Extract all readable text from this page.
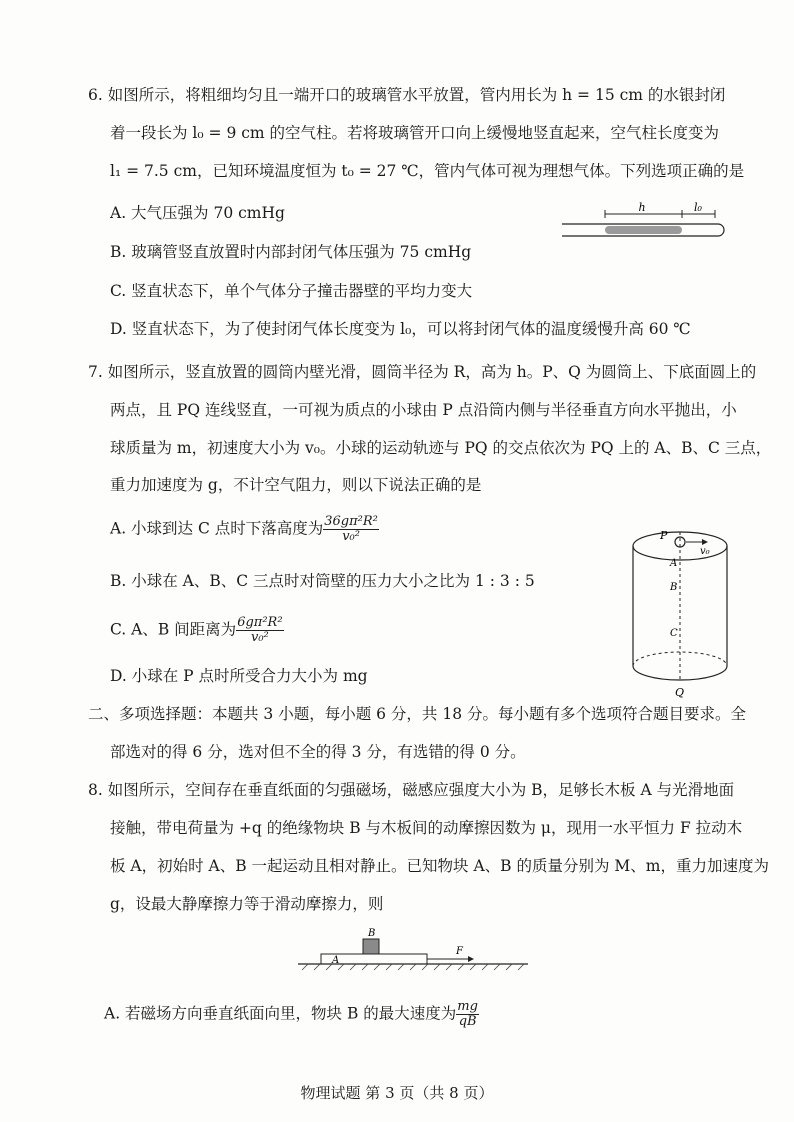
6. 如图所示，将粗细均匀且一端开口的玻璃管水平放置，管内用长为 h = 15 cm 的水银封闭
着一段长为 l₀ = 9 cm 的空气柱。若将玻璃管开口向上缓慢地竖直起来，空气柱长度变为
l₁ = 7.5 cm，已知环境温度恒为 t₀ = 27 ℃，管内气体可视为理想气体。下列选项正确的是
A. 大气压强为 70 cmHg
B. 玻璃管竖直放置时内部封闭气体压强为 75 cmHg
C. 竖直状态下，单个气体分子撞击器壁的平均力变大
D. 竖直状态下，为了使封闭气体长度变为 l₀，可以将封闭气体的温度缓慢升高 60 ℃
h	l₀
7. 如图所示，竖直放置的圆筒内壁光滑，圆筒半径为 R，高为 h。P、Q 为圆筒上、下底面圆上的
两点，且 PQ 连线竖直，一可视为质点的小球由 P 点沿筒内侧与半径垂直方向水平抛出，小
球质量为 m，初速度大小为 v₀。小球的运动轨迹与 PQ 的交点依次为 PQ 上的 A、B、C 三点，
重力加速度为 g，不计空气阻力，则以下说法正确的是
A. 小球到达 C 点时下落高度为 $\frac{\text{36gπ²R²}}{\text{v₀²}}$
B. 小球在 A、B、C 三点时对筒壁的压力大小之比为 1 : 3 : 5
C. A、B 间距离为 $\frac{\text{6gπ²R²}}{\text{v₀²}}$
D. 小球在 P 点时所受合力大小为 mg
P
v₀
A
B
C
Q
二、多项选择题：本题共 3 小题，每小题 6 分，共 18 分。每小题有多个选项符合题目要求。全
部选对的得 6 分，选对但不全的得 3 分，有选错的得 0 分。
8. 如图所示，空间存在垂直纸面的匀强磁场，磁感应强度大小为 B，足够长木板 A 与光滑地面
接触，带电荷量为 +q 的绝缘物块 B 与木板间的动摩擦因数为 μ，现用一水平恒力 F 拉动木
板 A，初始时 A、B 一起运动且相对静止。已知物块 A、B 的质量分别为 M、m，重力加速度为
g，设最大静摩擦力等于滑动摩擦力，则
B
A
F
A. 若磁场方向垂直纸面向里，物块 B 的最大速度为 $\frac{mg}{qB}$
物理试题 第 3 页（共 8 页）
